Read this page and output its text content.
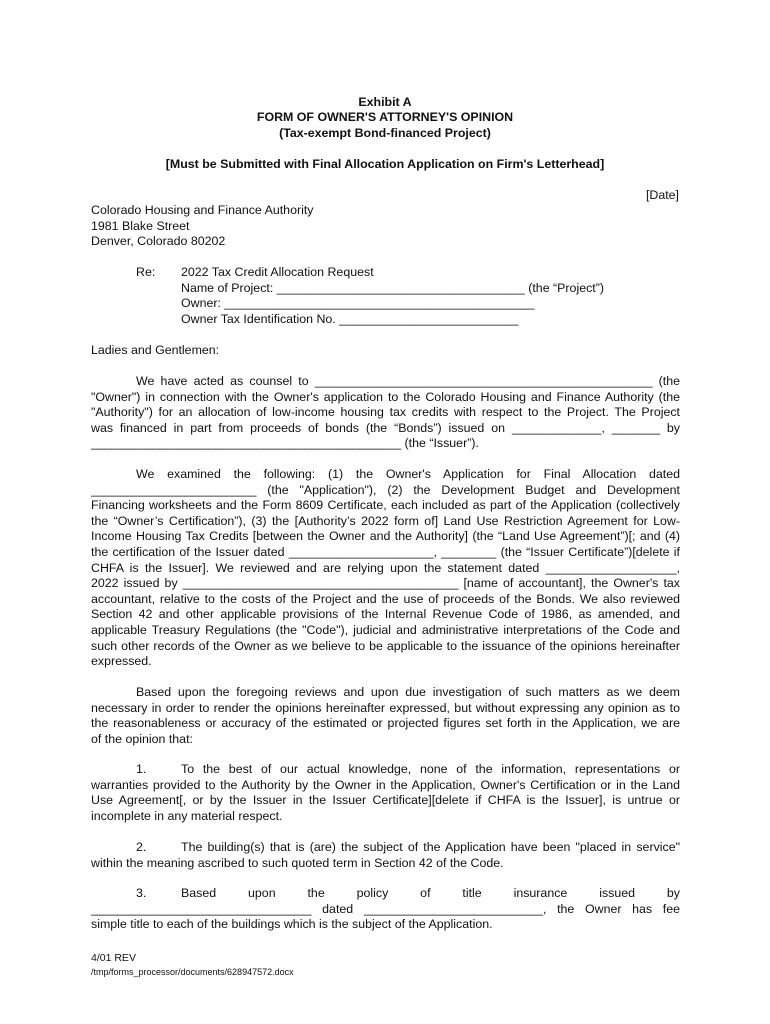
Exhibit A
FORM OF OWNER'S ATTORNEY'S OPINION
(Tax-exempt Bond-financed Project)
[Must be Submitted with Final Allocation Application on Firm's Letterhead]
[Date]
Colorado Housing and Finance Authority
1981 Blake Street
Denver, Colorado 80202
Re: 2022 Tax Credit Allocation Request
Name of Project: ____________________________________ (the “Project”)
Owner: _____________________________________________
Owner Tax Identification No. __________________________
Ladies and Gentlemen:
We have acted as counsel to _________________________________________________ (the
"Owner") in connection with the Owner's application to the Colorado Housing and Finance Authority (the
"Authority") for an allocation of low-income housing tax credits with respect to the Project. The Project
was financed in part from proceeds of bonds (the “Bonds”) issued on _____________, _______ by
_____________________________________________ (the “Issuer”).
We examined the following: (1) the Owner's Application for Final Allocation dated
________________________ (the "Application"), (2) the Development Budget and Development
Financing worksheets and the Form 8609 Certificate, each included as part of the Application (collectively
the “Owner’s Certification”), (3) the [Authority’s 2022 form of] Land Use Restriction Agreement for Low-
Income Housing Tax Credits [between the Owner and the Authority] (the “Land Use Agreement”)[; and (4)
the certification of the Issuer dated _____________________, ________ (the “Issuer Certificate”)[delete if
CHFA is the Issuer]. We reviewed and are relying upon the statement dated ___________________,
2022 issued by ________________________________________ [name of accountant], the Owner's tax
accountant, relative to the costs of the Project and the use of proceeds of the Bonds. We also reviewed
Section 42 and other applicable provisions of the Internal Revenue Code of 1986, as amended, and
applicable Treasury Regulations (the "Code"), judicial and administrative interpretations of the Code and
such other records of the Owner as we believe to be applicable to the issuance of the opinions hereinafter
expressed.
Based upon the foregoing reviews and upon due investigation of such matters as we deem
necessary in order to render the opinions hereinafter expressed, but without expressing any opinion as to
the reasonableness or accuracy of the estimated or projected figures set forth in the Application, we are
of the opinion that:
1.	To the best of our actual knowledge, none of the information, representations or
warranties provided to the Authority by the Owner in the Application, Owner's Certification or in the Land
Use Agreement[, or by the Issuer in the Issuer Certificate][delete if CHFA is the Issuer], is untrue or
incomplete in any material respect.
2.	The building(s) that is (are) the subject of the Application have been "placed in service"
within the meaning ascribed to such quoted term in Section 42 of the Code.
3.	Based upon the policy of title insurance issued by
________________________________ dated __________________________, the Owner has fee
simple title to each of the buildings which is the subject of the Application.
4/01 REV
/tmp/forms_processor/documents/628947572.docx
